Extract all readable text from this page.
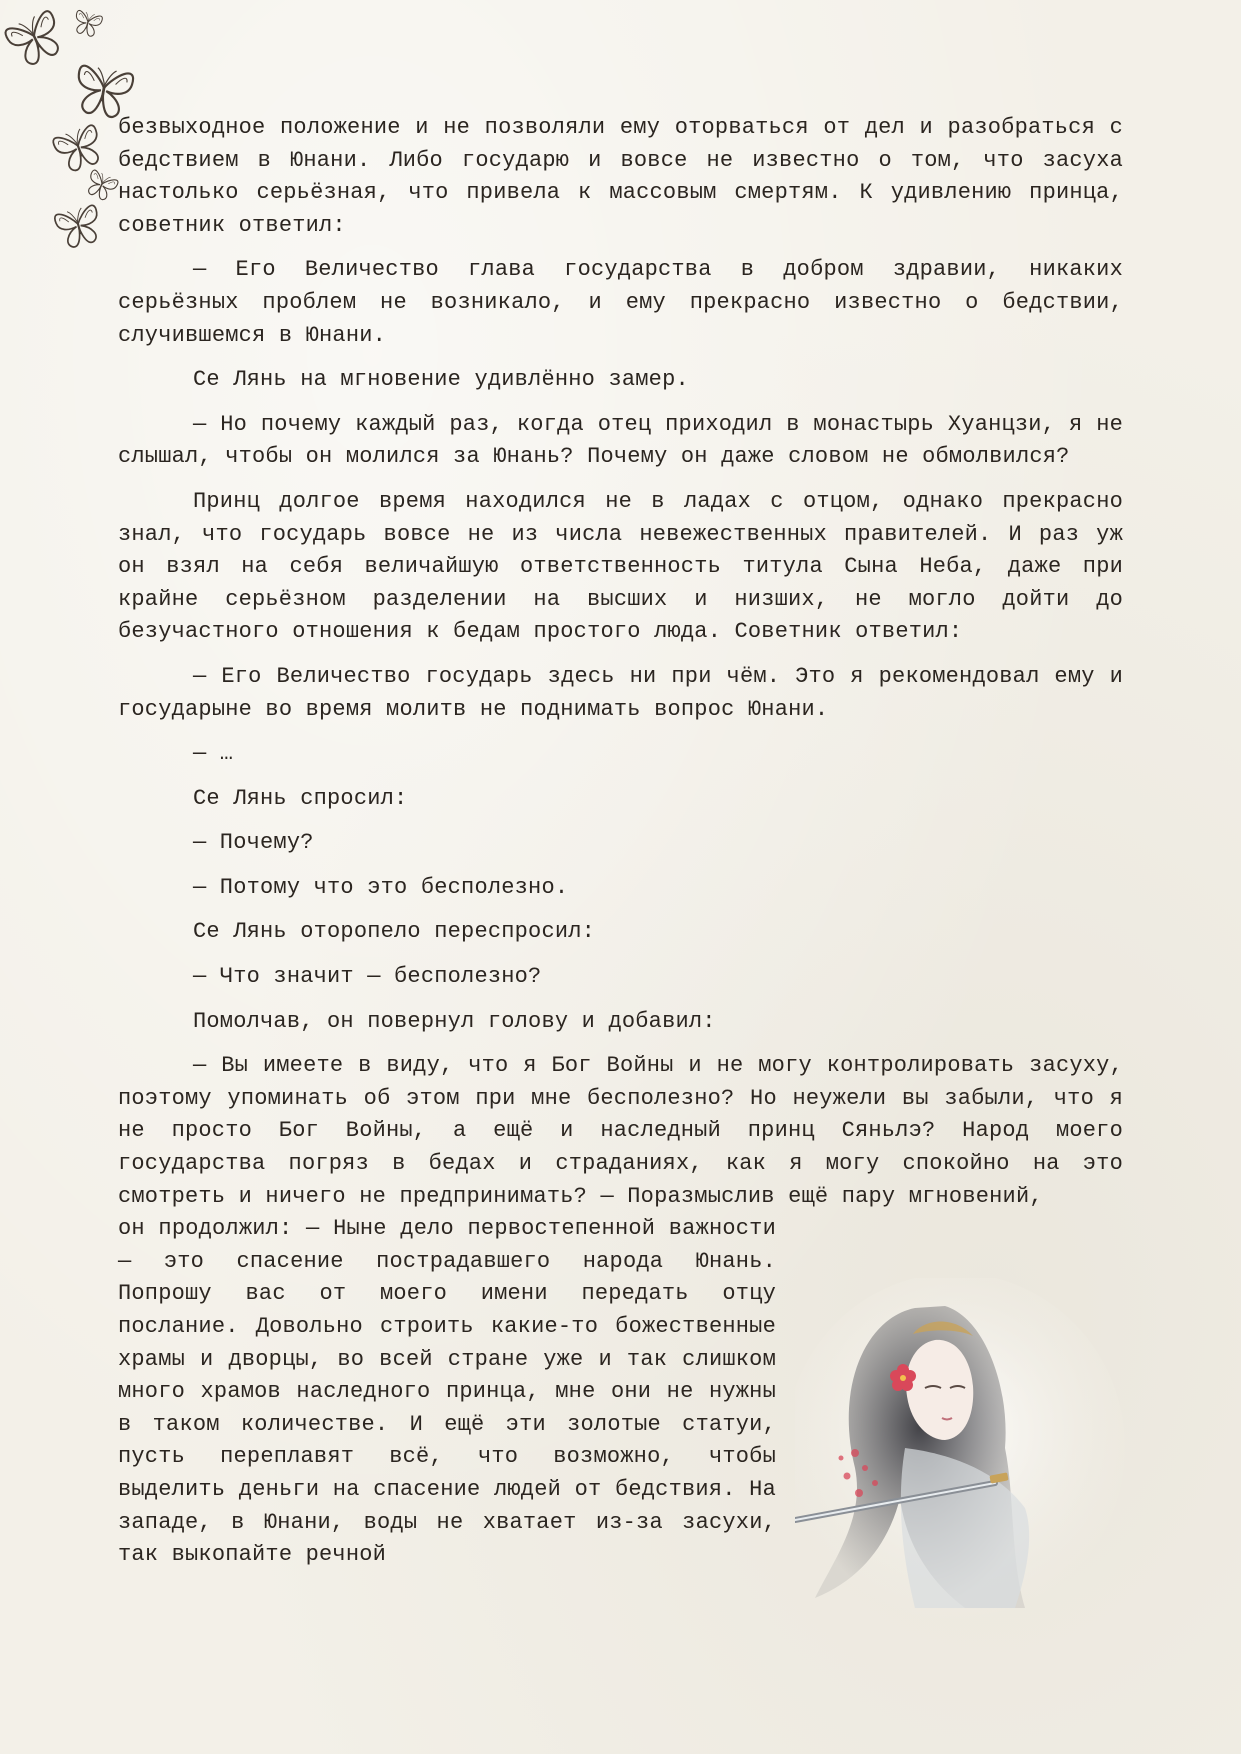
безвыходное положение и не позволяли ему оторваться от дел и разобраться с бедствием в Юнани. Либо государю и вовсе не известно о том, что засуха настолько серьёзная, что привела к массовым смертям. К удивлению принца, советник ответил:

— Его Величество глава государства в добром здравии, никаких серьёзных проблем не возникало, и ему прекрасно известно о бедствии, случившемся в Юнани.

Се Лянь на мгновение удивлённо замер.

— Но почему каждый раз, когда отец приходил в монастырь Хуанцзи, я не слышал, чтобы он молился за Юнань? Почему он даже словом не обмолвился?

Принц долгое время находился не в ладах с отцом, однако прекрасно знал, что государь вовсе не из числа невежественных правителей. И раз уж он взял на себя величайшую ответственность титула Сына Неба, даже при крайне серьёзном разделении на высших и низших, не могло дойти до безучастного отношения к бедам простого люда. Советник ответил:

— Его Величество государь здесь ни при чём. Это я рекомендовал ему и государыне во время молитв не поднимать вопрос Юнани.

— …

Се Лянь спросил:

— Почему?

— Потому что это бесполезно.

Се Лянь оторопело переспросил:

— Что значит — бесполезно?

Помолчав, он повернул голову и добавил:

— Вы имеете в виду, что я Бог Войны и не могу контролировать засуху, поэтому упоминать об этом при мне бесполезно? Но неужели вы забыли, что я не просто Бог Войны, а ещё и наследный принц Сяньлэ? Народ моего государства погряз в бедах и страданиях, как я могу спокойно на это смотреть и ничего не предпринимать? — Поразмыслив ещё пару мгновений,

он продолжил: — Ныне дело первостепенной важности — это спасение пострадавшего народа Юнань. Попрошу вас от моего имени передать отцу послание. Довольно строить какие-то божественные храмы и дворцы, во всей стране уже и так слишком много храмов наследного принца, мне они не нужны в таком количестве. И ещё эти золотые статуи, пусть переплавят всё, что возможно, чтобы выделить деньги на спасение людей от бедствия. На западе, в Юнани, воды не хватает из-за засухи, так выкопайте речной
